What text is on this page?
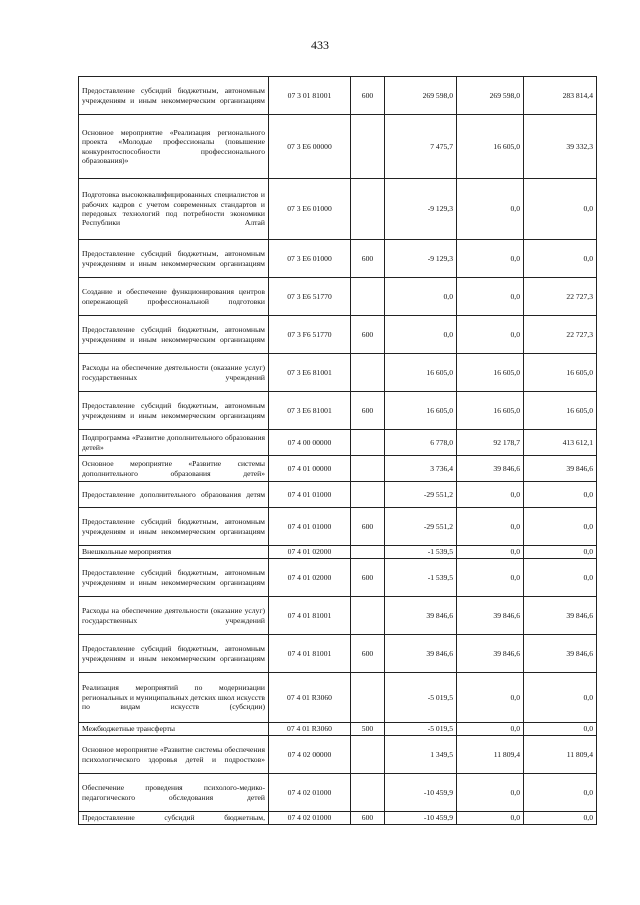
433
Предоставление субсидий бюджетным, автономным учреждениям и иным некоммерческим организациям	07 3 01 81001	600	269 598,0	269 598,0	283 814,4
Основное мероприятие «Реализация регионального проекта «Молодые профессионалы (повышение конкурентоспособности профессионального образования)»	07 3 E6 00000		7 475,7	16 605,0	39 332,3
Подготовка высококвалифицированных специалистов и рабочих кадров с учетом современных стандартов и передовых технологий под потребности экономики Республики Алтай	07 3 E6 01000		-9 129,3	0,0	0,0
Предоставление субсидий бюджетным, автономным учреждениям и иным некоммерческим организациям	07 3 E6 01000	600	-9 129,3	0,0	0,0
Создание и обеспечение функционирования центров опережающей профессиональной подготовки	07 3 E6 51770		0,0	0,0	22 727,3
Предоставление субсидий бюджетным, автономным учреждениям и иным некоммерческим организациям	07 3 F6 51770	600	0,0	0,0	22 727,3
Расходы на обеспечение деятельности (оказание услуг) государственных учреждений	07 3 E6 81001		16 605,0	16 605,0	16 605,0
Предоставление субсидий бюджетным, автономным учреждениям и иным некоммерческим организациям	07 3 E6 81001	600	16 605,0	16 605,0	16 605,0
Подпрограмма «Развитие дополнительного образования детей»	07 4 00 00000		6 778,0	92 178,7	413 612,1
Основное мероприятие «Развитие системы дополнительного образования детей»	07 4 01 00000		3 736,4	39 846,6	39 846,6
Предоставление дополнительного образования детям	07 4 01 01000		-29 551,2	0,0	0,0
Предоставление субсидий бюджетным, автономным учреждениям и иным некоммерческим организациям	07 4 01 01000	600	-29 551,2	0,0	0,0
Внешкольные мероприятия	07 4 01 02000		-1 539,5	0,0	0,0
Предоставление субсидий бюджетным, автономным учреждениям и иным некоммерческим организациям	07 4 01 02000	600	-1 539,5	0,0	0,0
Расходы на обеспечение деятельности (оказание услуг) государственных учреждений	07 4 01 81001		39 846,6	39 846,6	39 846,6
Предоставление субсидий бюджетным, автономным учреждениям и иным некоммерческим организациям	07 4 01 81001	600	39 846,6	39 846,6	39 846,6
Реализация мероприятий по модернизации региональных и муниципальных детских школ искусств по видам искусств (субсидии)	07 4 01 R3060		-5 019,5	0,0	0,0
Межбюджетные трансферты	07 4 01 R3060	500	-5 019,5	0,0	0,0
Основное мероприятие «Развитие системы обеспечения психологического здоровья детей и подростков»	07 4 02 00000		1 349,5	11 809,4	11 809,4
Обеспечение проведения психолого-медико-педагогического обследования детей	07 4 02 01000		-10 459,9	0,0	0,0
Предоставление субсидий бюджетным,	07 4 02 01000	600	-10 459,9	0,0	0,0
